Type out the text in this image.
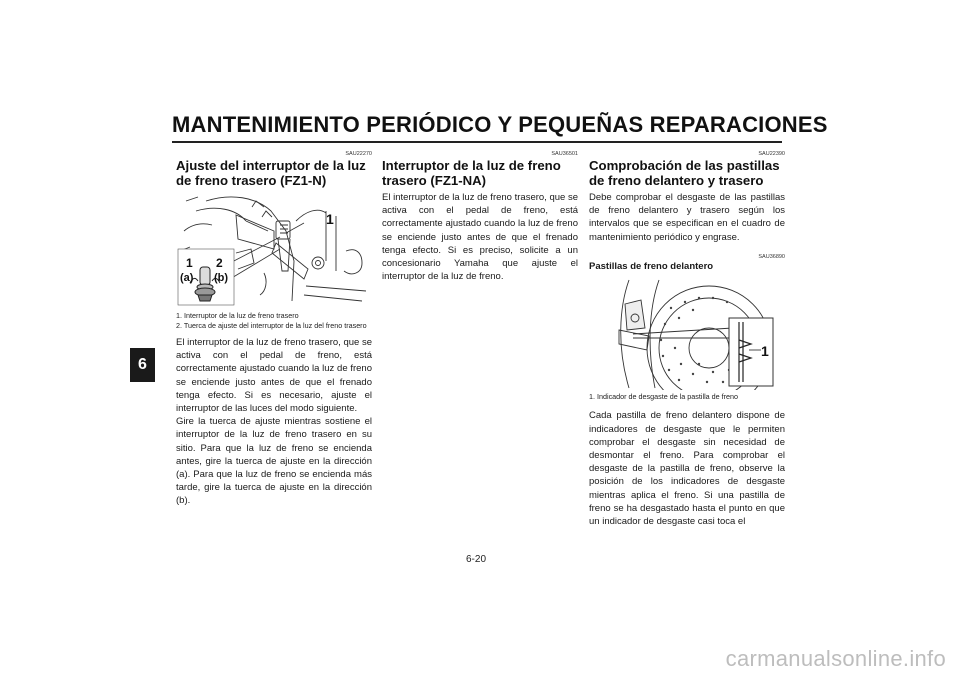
MANTENIMIENTO PERIÓDICO Y PEQUEÑAS REPARACIONES
6
SAU22270
Ajuste del interruptor de la luz de freno trasero (FZ1-N)
1
1 2
(a) (b)
1. Interruptor de la luz de freno trasero
2. Tuerca de ajuste del interruptor de la luz del freno trasero

El interruptor de la luz de freno trasero, que se activa con el pedal de freno, está correctamente ajustado cuando la luz de freno se enciende justo antes de que el frenado tenga efecto. Si es necesario, ajuste el interruptor de las luces del modo siguiente.

Gire la tuerca de ajuste mientras sostiene el interruptor de la luz de freno trasero en su sitio. Para que la luz de freno se encienda antes, gire la tuerca de ajuste en la dirección (a). Para que la luz de freno se encienda más tarde, gire la tuerca de ajuste en la dirección (b).

SAU36501
Interruptor de la luz de freno trasero (FZ1-NA)

El interruptor de la luz de freno trasero, que se activa con el pedal de freno, está correctamente ajustado cuando la luz de freno se enciende justo antes de que el frenado tenga efecto. Si es preciso, solicite a un concesionario Yamaha que ajuste el interruptor de la luz de freno.

SAU22390
Comprobación de las pastillas de freno delantero y trasero

Debe comprobar el desgaste de las pastillas de freno delantero y trasero según los intervalos que se especifican en el cuadro de mantenimiento periódico y engrase.

SAU36890
Pastillas de freno delantero
1
1. Indicador de desgaste de la pastilla de freno

Cada pastilla de freno delantero dispone de indicadores de desgaste que le permiten comprobar el desgaste sin necesidad de desmontar el freno. Para comprobar el desgaste de la pastilla de freno, observe la posición de los indicadores de desgaste mientras aplica el freno. Si una pastilla de freno se ha desgastado hasta el punto en que un indicador de desgaste casi toca el

6-20
carmanualsonline.info
